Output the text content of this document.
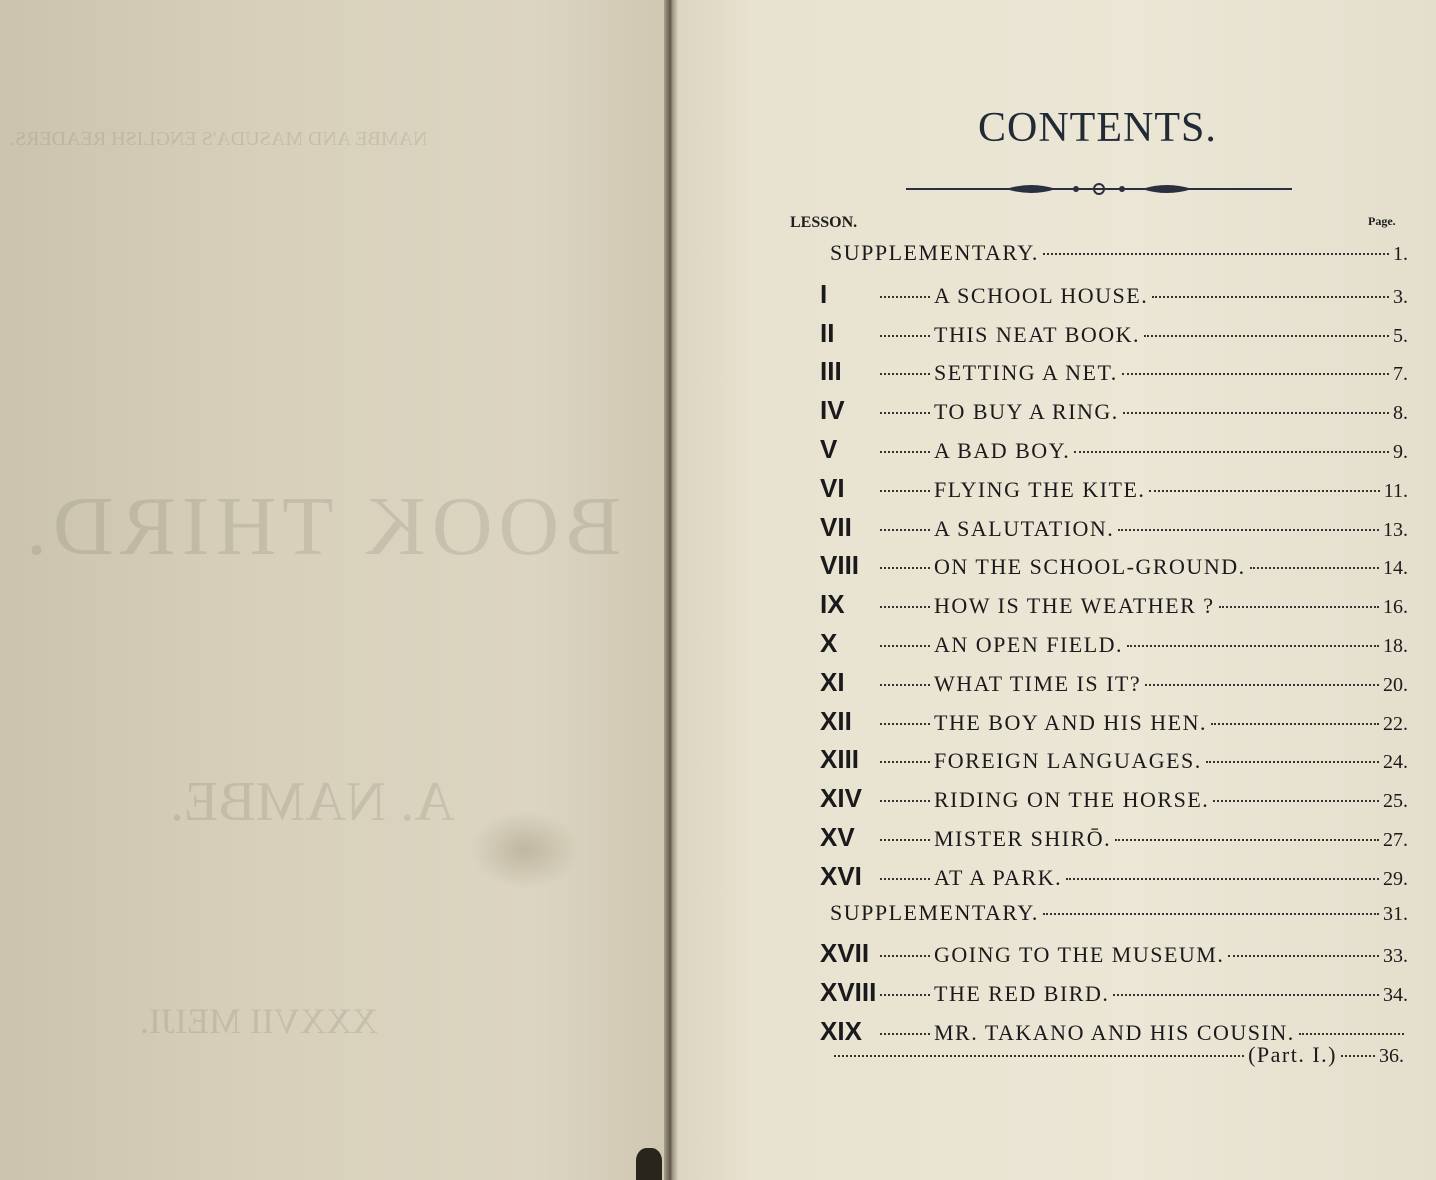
NAMBE AND MASUDA'S ENGLISH READERS.
BOOK THIRD.
A. NAMBE.
XXXVII MEIJI.
CONTENTS.
LESSON.	Page.
SUPPLEMENTARY.	1.
I	A SCHOOL HOUSE.	3.
II	THIS NEAT BOOK.	5.
III	SETTING A NET.	7.
IV	TO BUY A RING.	8.
V	A BAD BOY.	9.
VI	FLYING THE KITE.	11.
VII	A SALUTATION.	13.
VIII	ON THE SCHOOL-GROUND.	14.
IX	HOW IS THE WEATHER ?	16.
X	AN OPEN FIELD.	18.
XI	WHAT TIME IS IT?	20.
XII	THE BOY AND HIS HEN.	22.
XIII	FOREIGN LANGUAGES.	24.
XIV	RIDING ON THE HORSE.	25.
XV	MISTER SHIRŌ.	27.
XVI	AT A PARK.	29.
SUPPLEMENTARY.	31.
XVII	GOING TO THE MUSEUM.	33.
XVIII	THE RED BIRD.	34.
XIX	MR. TAKANO AND HIS COUSIN.
(Part. I.) 36.
